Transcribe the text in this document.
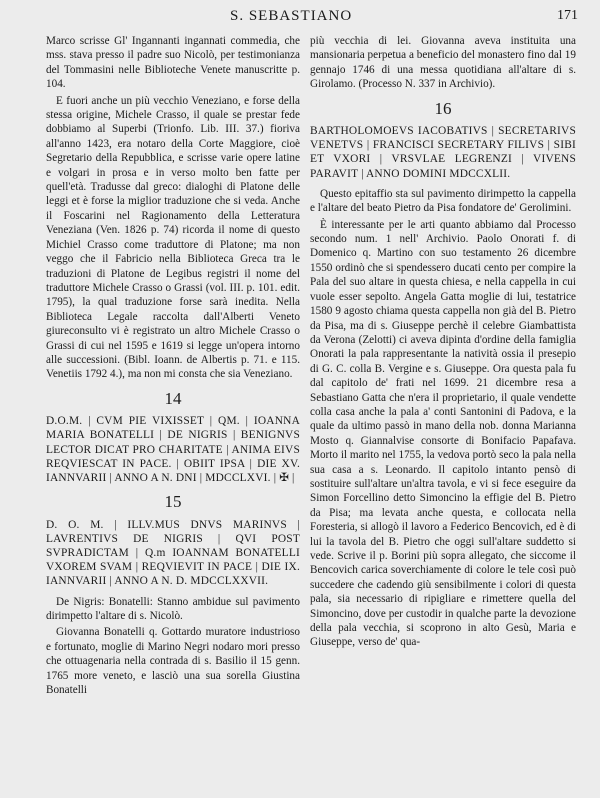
S. SEBASTIANO	171

Marco scrisse Gl' Ingannanti ingannati commedia, che mss. stava presso il padre suo Nicolò, per testimonianza del Tommasini nelle Biblioteche Venete manuscritte p. 104.

E fuori anche un più vecchio Veneziano, e forse della stessa origine, Michele Crasso, il quale se prestar fede dobbiamo al Superbi (Trionfo. Lib. III. 37.) fioriva all'anno 1423, era notaro della Corte Maggiore, cioè Segretario della Repubblica, e scrisse varie opere latine e volgari in prosa e in verso molto ben fatte per quell'età. Tradusse dal greco: dialoghi di Platone delle leggi et è forse la miglior traduzione che si veda. Anche il Foscarini nel Ragionamento della Letteratura Veneziana (Ven. 1826 p. 74) ricorda il nome di questo Michiel Crasso come traduttore di Platone; ma non veggo che il Fabricio nella Biblioteca Greca tra le traduzioni di Platone de Legibus registri il nome del traduttore Michele Crasso o Grassi (vol. III. p. 101. edit. 1795), la qual traduzione forse sarà inedita. Nella Biblioteca Legale raccolta dall'Alberti Veneto giureconsulto vi è registrato un altro Michele Crasso o Grassi di cui nel 1595 e 1619 si legge un'opera intorno alle successioni. (Bibl. Ioann. de Albertis p. 71. e 115. Venetiis 1792 4.), ma non mi consta che sia Veneziano.

14
D.O.M. | CVM PIE VIXISSET | QM. | IOANNA MARIA BONATELLI | DE NIGRIS | BENIGNVS LECTOR DICAT PRO CHARITATE | ANIMA EIVS REQVIESCAT IN PACE. | OBIIT IPSA | DIE XV. IANNVARII | ANNO A N. DNI | MDCCLXVI. | ✠ |
15
D. O. M. | ILLV.MUS DNVS MARINVS | LAVRENTIVS DE NIGRIS | QVI POST SVPRADICTAM | Q.m IOANNAM BONATELLI VXOREM SVAM | REQVIEVIT IN PACE | DIE IX. IANNVARII | ANNO A N. D. MDCCLXXVII.

De Nigris: Bonatelli: Stanno ambidue sul pavimento dirimpetto l'altare di s. Nicolò.

Giovanna Bonatelli q. Gottardo muratore industrioso e fortunato, moglie di Marino Negri nodaro mori presso che ottuagenaria nella contrada di s. Basilio il 15 genn. 1765 more veneto, e lasciò una sua sorella Giustina Bonatelli

più vecchia di lei. Giovanna aveva instituita una mansionaria perpetua a beneficio del monastero fino dal 19 gennajo 1746 di una messa quotidiana all'altare di s. Girolamo. (Processo N. 337 in Archivio).

16
BARTHOLOMOEVS IACOBATIVS | SECRETARIVS VENETVS | FRANCISCI SECRETARY FILIVS | SIBI ET VXORI | VRSVLAE LEGRENZI | VIVENS PARAVIT | ANNO DOMINI MDCCXLII.

Questo epitaffio sta sul pavimento dirimpetto la cappella e l'altare del beato Pietro da Pisa fondatore de' Gerolimini.

È interessante per le arti quanto abbiamo dal Processo secondo num. 1 nell' Archivio. Paolo Onorati f. di Domenico q. Martino con suo testamento 26 dicembre 1550 ordinò che si spendessero ducati cento per compire la Pala del suo altare in questa chiesa, e nella cappella in cui vuole esser sepolto. Angela Gatta moglie di lui, testatrice 1580 9 agosto chiama questa cappella non già del B. Pietro da Pisa, ma di s. Giuseppe perchè il celebre Giambattista da Verona (Zelotti) ci aveva dipinta d'ordine della famiglia Onorati la pala rappresentante la natività ossia il presepio di G. C. colla B. Vergine e s. Giuseppe. Ora questa pala fu dal capitolo de' frati nel 1699. 21 dicembre resa a Sebastiano Gatta che n'era il proprietario, il quale vendette colla casa anche la pala a' conti Santonini di Padova, e la quale da ultimo passò in mano della nob. donna Marianna Mosto q. Giannalvise consorte di Bonifacio Papafava. Morto il marito nel 1755, la vedova portò seco la pala nella sua casa a s. Leonardo. Il capitolo intanto pensò di sostituire sull'altare un'altra tavola, e vi si fece eseguire da Simon Forcellino detto Simoncino la effigie del B. Pietro da Pisa; ma levata anche questa, e collocata nella Foresteria, si allogò il lavoro a Federico Bencovich, ed è di lui la tavola del B. Pietro che oggi sull'altare suddetto si vede. Scrive il p. Borini più sopra allegato, che siccome il Bencovich carica soverchiamente di colore le tele così può succedere che cadendo giù sensibilmente i colori di questa pala, sia necessario di ripigliare e rimettere quella del Simoncino, dove per custodir in qualche parte la devozione della pala vecchia, si scoprono in alto Gesù, Maria e Giuseppe, verso de' qua-
